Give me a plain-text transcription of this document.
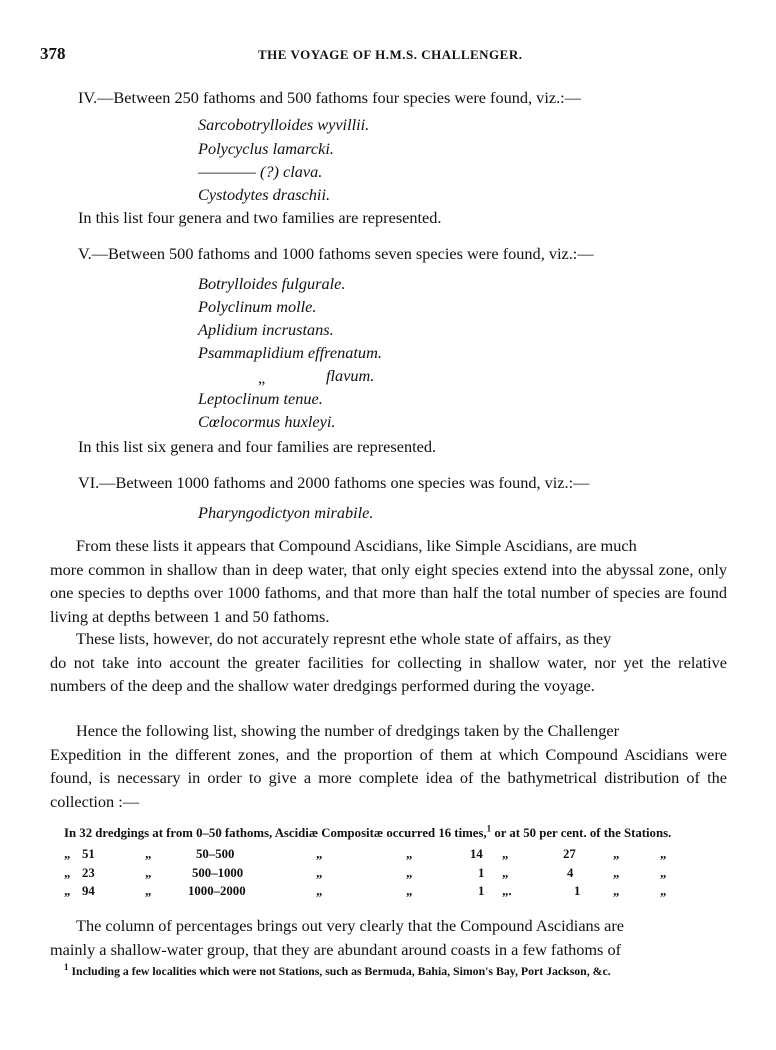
378	THE VOYAGE OF H.M.S. CHALLENGER.
IV.—Between 250 fathoms and 500 fathoms four species were found, viz.:—
Sarcobotrylloides wyvillii.
Polycyclus lamarcki.
———— (?) clava.
Cystodytes draschii.
In this list four genera and two families are represented.
V.—Between 500 fathoms and 1000 fathoms seven species were found, viz.:—
Botrylloides fulgurale.
Polyclinum molle.
Aplidium incrustans.
Psammaplidium effrenatum.
„	flavum.
Leptoclinum tenue.
Cœlocormus huxleyi.
In this list six genera and four families are represented.
VI.—Between 1000 fathoms and 2000 fathoms one species was found, viz.:—
Pharyngodictyon mirabile.
From these lists it appears that Compound Ascidians, like Simple Ascidians, are much
more common in shallow than in deep water, that only eight species extend into the abyssal zone, only one species to depths over 1000 fathoms, and that more than half the total number of species are found living at depths between 1 and 50 fathoms.
These lists, however, do not accurately represnt ethe whole state of affairs, as they
do not take into account the greater facilities for collecting in shallow water, nor yet the relative numbers of the deep and the shallow water dredgings performed during the voyage.
Hence the following list, showing the number of dredgings taken by the Challenger
Expedition in the different zones, and the proportion of them at which Compound Ascidians were found, is necessary in order to give a more complete idea of the bathymetrical distribution of the collection :—
In 32 dredgings at from 0–50 fathoms, Ascidiæ Compositæ occurred 16 times,$^1$ or at 50 per cent. of the Stations.
„ 51	„	50–500	„	„	14 „	27	„	„
„ 23	„	500–1000	„	„	1 „	4	„	„
„ 94	„	1000–2000	„	„	1 „.	1	„	„
The column of percentages brings out very clearly that the Compound Ascidians are
mainly a shallow-water group, that they are abundant around coasts in a few fathoms of
$^1$ Including a few localities which were not Stations, such as Bermuda, Bahia, Simon's Bay, Port Jackson, &c.
